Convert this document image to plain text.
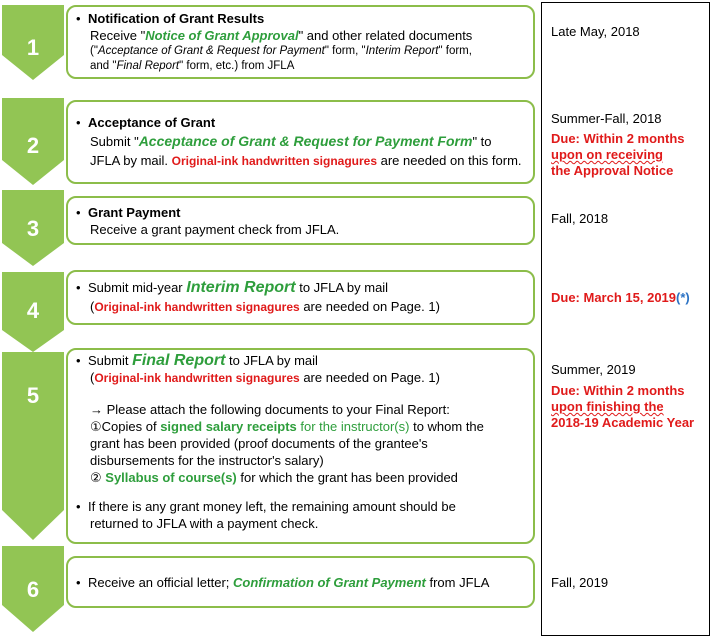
1
2
3
4
5
6
• Notification of Grant Results
Receive "Notice of Grant Approval" and other related documents
("Acceptance of Grant & Request for Payment" form, "Interim Report" form,
and "Final Report" form, etc.) from JFLA
Late May, 2018
• Acceptance of Grant
Submit "Acceptance of Grant & Request for Payment Form" to
JFLA by mail. Original-ink handwritten signagures are needed on this form.
Summer-Fall, 2018
Due: Within 2 months
upon on receiving
the Approval Notice
• Grant Payment
Receive a grant payment check from JFLA.
Fall, 2018
• Submit mid-year Interim Report to JFLA by mail
(Original-ink handwritten signagures are needed on Page. 1)
Due: March 15, 2019(*)
• Submit Final Report to JFLA by mail
(Original-ink handwritten signagures are needed on Page. 1)
→ Please attach the following documents to your Final Report:
①Copies of signed salary receipts for the instructor(s) to whom the
grant has been provided (proof documents of the grantee's
disbursements for the instructor's salary)
② Syllabus of course(s) for which the grant has been provided
• If there is any grant money left, the remaining amount should be
returned to JFLA with a payment check.
Summer, 2019
Due: Within 2 months
upon finishing the
2018-19 Academic Year
• Receive an official letter; Confirmation of Grant Payment from JFLA	Fall, 2019
